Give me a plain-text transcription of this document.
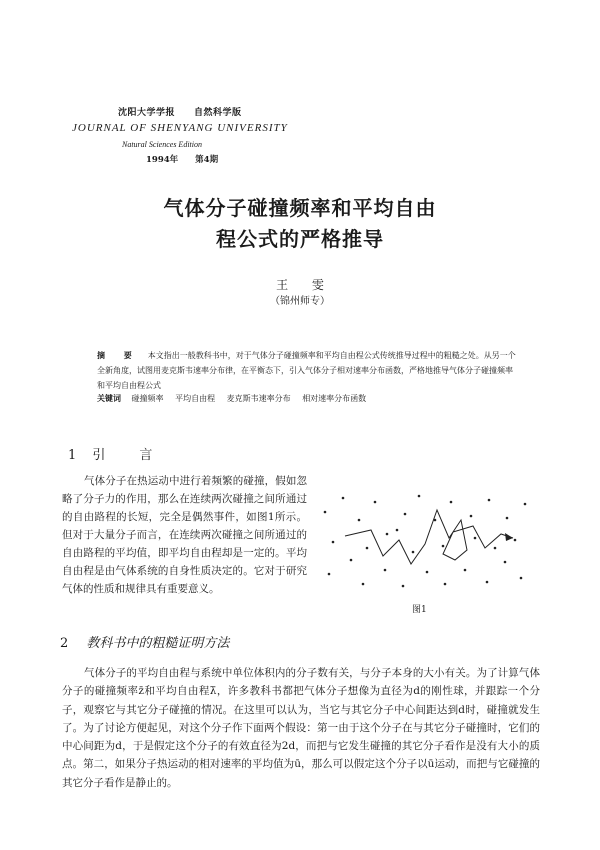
沈阳大学学报　　自然科学版
JOURNAL OF SHENYANG UNIVERSITY
Natural Sciences Edition
1994年　　第4期
气体分子碰撞频率和平均自由
程公式的严格推导
王 雯
（锦州师专）
摘 要　 本文指出一般教科书中，对于气体分子碰撞频率和平均自由程公式传统推导过程中的粗糙之处。从另一个全新角度，试图用麦克斯韦速率分布律，在平衡态下，引入气体分子相对速率分布函数，严格地推导气体分子碰撞频率和平均自由程公式
关键词　 碰撞频率 平均自由程 麦克斯韦速率分布 相对速率分布函数
1 引言
气体分子在热运动中进行着频繁的碰撞，假如忽略了分子力的作用，那么在连续两次碰撞之间所通过的自由路程的长短，完全是偶然事件，如图1所示。但对于大量分子而言，在连续两次碰撞之间所通过的自由路程的平均值，即平均自由程却是一定的。平均自由程是由气体系统的自身性质决定的。它对于研究气体的性质和规律具有重要意义。
图1
2 教科书中的粗糙证明方法
气体分子的平均自由程与系统中单位体积内的分子数有关，与分子本身的大小有关。为了计算气体分子的碰撞频率z̄和平均自由程λ̄，许多教科书都把气体分子想像为直径为d的刚性球，并跟踪一个分子，观察它与其它分子碰撞的情况。在这里可以认为，当它与其它分子中心间距达到d时，碰撞就发生了。为了讨论方便起见，对这个分子作下面两个假设：第一由于这个分子在与其它分子碰撞时，它们的中心间距为d，于是假定这个分子的有效直径为2d，而把与它发生碰撞的其它分子看作是没有大小的质点。第二，如果分子热运动的相对速率的平均值为ū，那么可以假定这个分子以ū运动，而把与它碰撞的其它分子看作是静止的。
